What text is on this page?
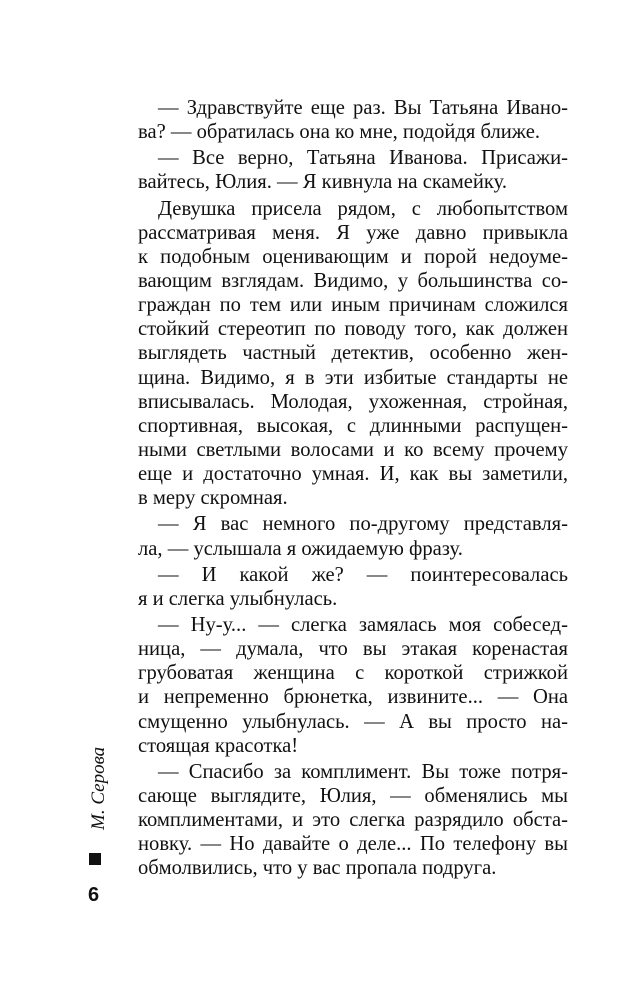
— Здравствуйте еще раз. Вы Татьяна Ивано-
ва? — обратилась она ко мне, подойдя ближе.
— Все верно, Татьяна Иванова. Присажи-
вайтесь, Юлия. — Я кивнула на скамейку.
Девушка присела рядом, с любопытством
рассматривая меня. Я уже давно привыкла
к подобным оценивающим и порой недоуме-
вающим взглядам. Видимо, у большинства со-
граждан по тем или иным причинам сложился
стойкий стереотип по поводу того, как должен
выглядеть частный детектив, особенно жен-
щина. Видимо, я в эти избитые стандарты не
вписывалась. Молодая, ухоженная, стройная,
спортивная, высокая, с длинными распущен-
ными светлыми волосами и ко всему прочему
еще и достаточно умная. И, как вы заметили,
в меру скромная.
— Я вас немного по-другому представля-
ла, — услышала я ожидаемую фразу.
— И какой же? — поинтересовалась
я и слегка улыбнулась.
— Ну-у... — слегка замялась моя собесед-
ница, — думала, что вы этакая коренастая
грубоватая женщина с короткой стрижкой
и непременно брюнетка, извините... — Она
смущенно улыбнулась. — А вы просто на-
стоящая красотка!
— Спасибо за комплимент. Вы тоже потря-
сающе выглядите, Юлия, — обменялись мы
комплиментами, и это слегка разрядило обста-
новку. — Но давайте о деле... По телефону вы
обмолвились, что у вас пропала подруга.
М. Серова
6
